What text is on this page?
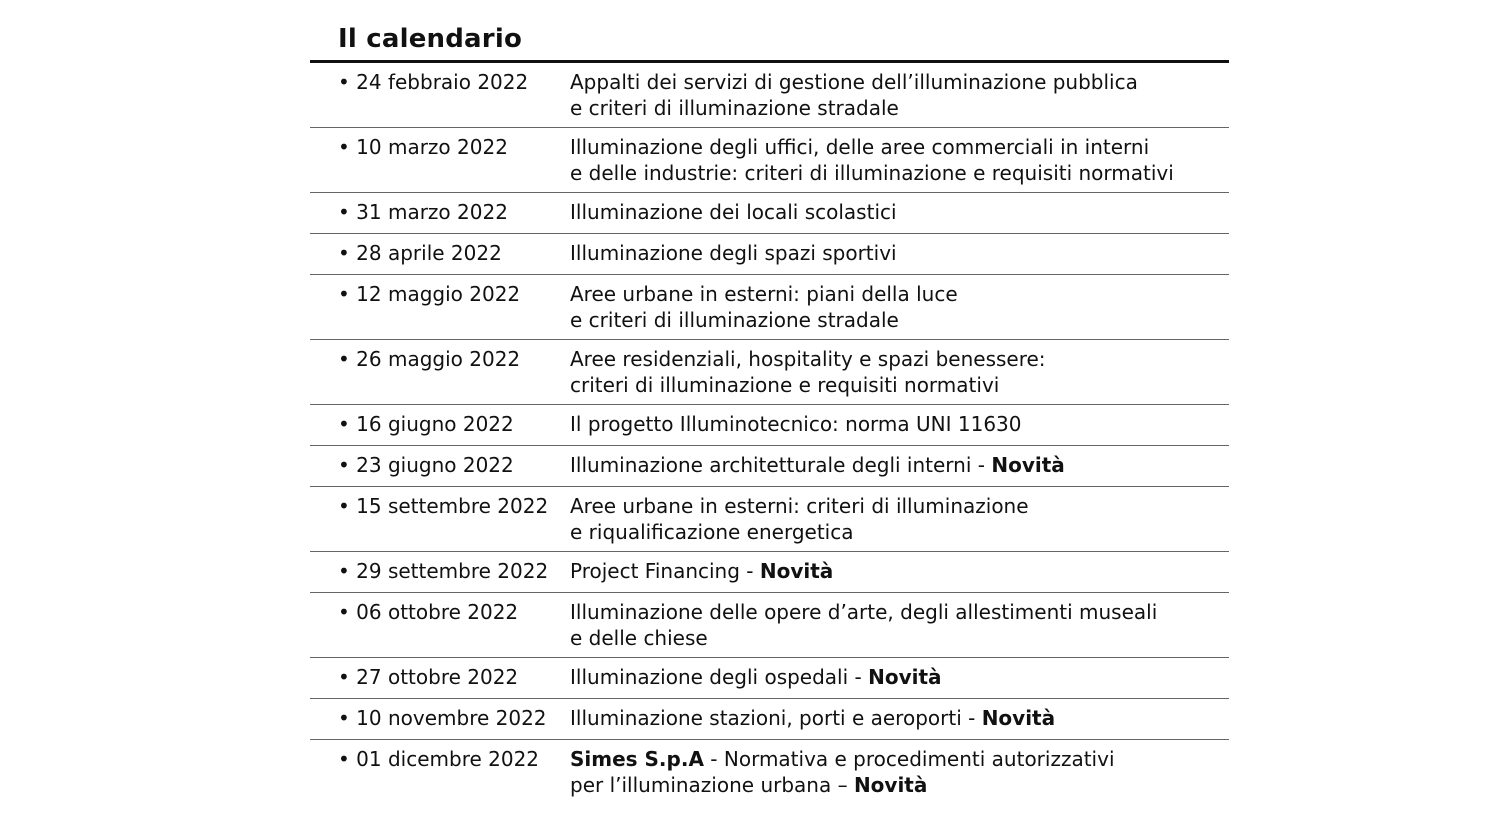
Il calendario
• 24 febbraio 2022 Appalti dei servizi di gestione dell’illuminazione pubblica
e criteri di illuminazione stradale
• 10 marzo 2022	Illuminazione degli uffici, delle aree commerciali in interni
e delle industrie: criteri di illuminazione e requisiti normativi
• 31 marzo 2022	Illuminazione dei locali scolastici
• 28 aprile 2022	Illuminazione degli spazi sportivi
• 12 maggio 2022 Aree urbane in esterni: piani della luce
e criteri di illuminazione stradale
• 26 maggio 2022 Aree residenziali, hospitality e spazi benessere:
criteri di illuminazione e requisiti normativi
• 16 giugno 2022	Il progetto Illuminotecnico: norma UNI 11630
• 23 giugno 2022	Illuminazione architetturale degli interni - Novità
• 15 settembre 2022 Aree urbane in esterni: criteri di illuminazione
e riqualificazione energetica
• 29 settembre 2022 Project Financing - Novità
• 06 ottobre 2022	Illuminazione delle opere d’arte, degli allestimenti museali
e delle chiese
• 27 ottobre 2022	Illuminazione degli ospedali - Novità
• 10 novembre 2022 Illuminazione stazioni, porti e aeroporti - Novità
• 01 dicembre 2022 Simes S.p.A - Normativa e procedimenti autorizzativi
per l’illuminazione urbana – Novità
